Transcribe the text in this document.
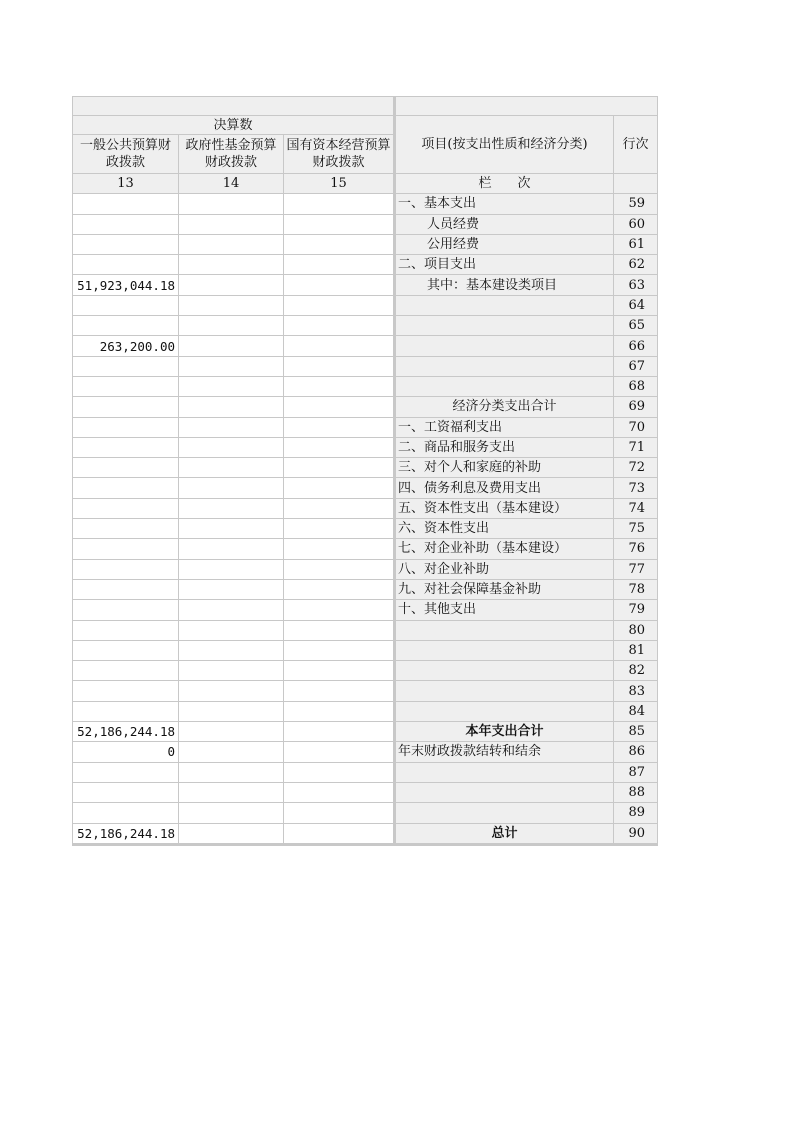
决算数			项目(按支出性质和经济分类)	行次
一般公共预算财政拨款	政府性基金预算财政拨款	国有资本经营预算财政拨款		
13	14	15	栏　　次	
			一、基本支出	59
			人员经费	60
			公用经费	61
			二、项目支出	62
51,923,044.18			其中：基本建设类项目	63
				64
				65
263,200.00				66
				67
				68
			经济分类支出合计	69
			一、工资福利支出	70
			二、商品和服务支出	71
			三、对个人和家庭的补助	72
			四、债务利息及费用支出	73
			五、资本性支出（基本建设）	74
			六、资本性支出	75
			七、对企业补助（基本建设）	76
			八、对企业补助	77
			九、对社会保障基金补助	78
			十、其他支出	79
				80
				81
				82
				83
				84
52,186,244.18			本年支出合计	85
0			年末财政拨款结转和结余	86
				87
				88
				89
52,186,244.18			总计	90
